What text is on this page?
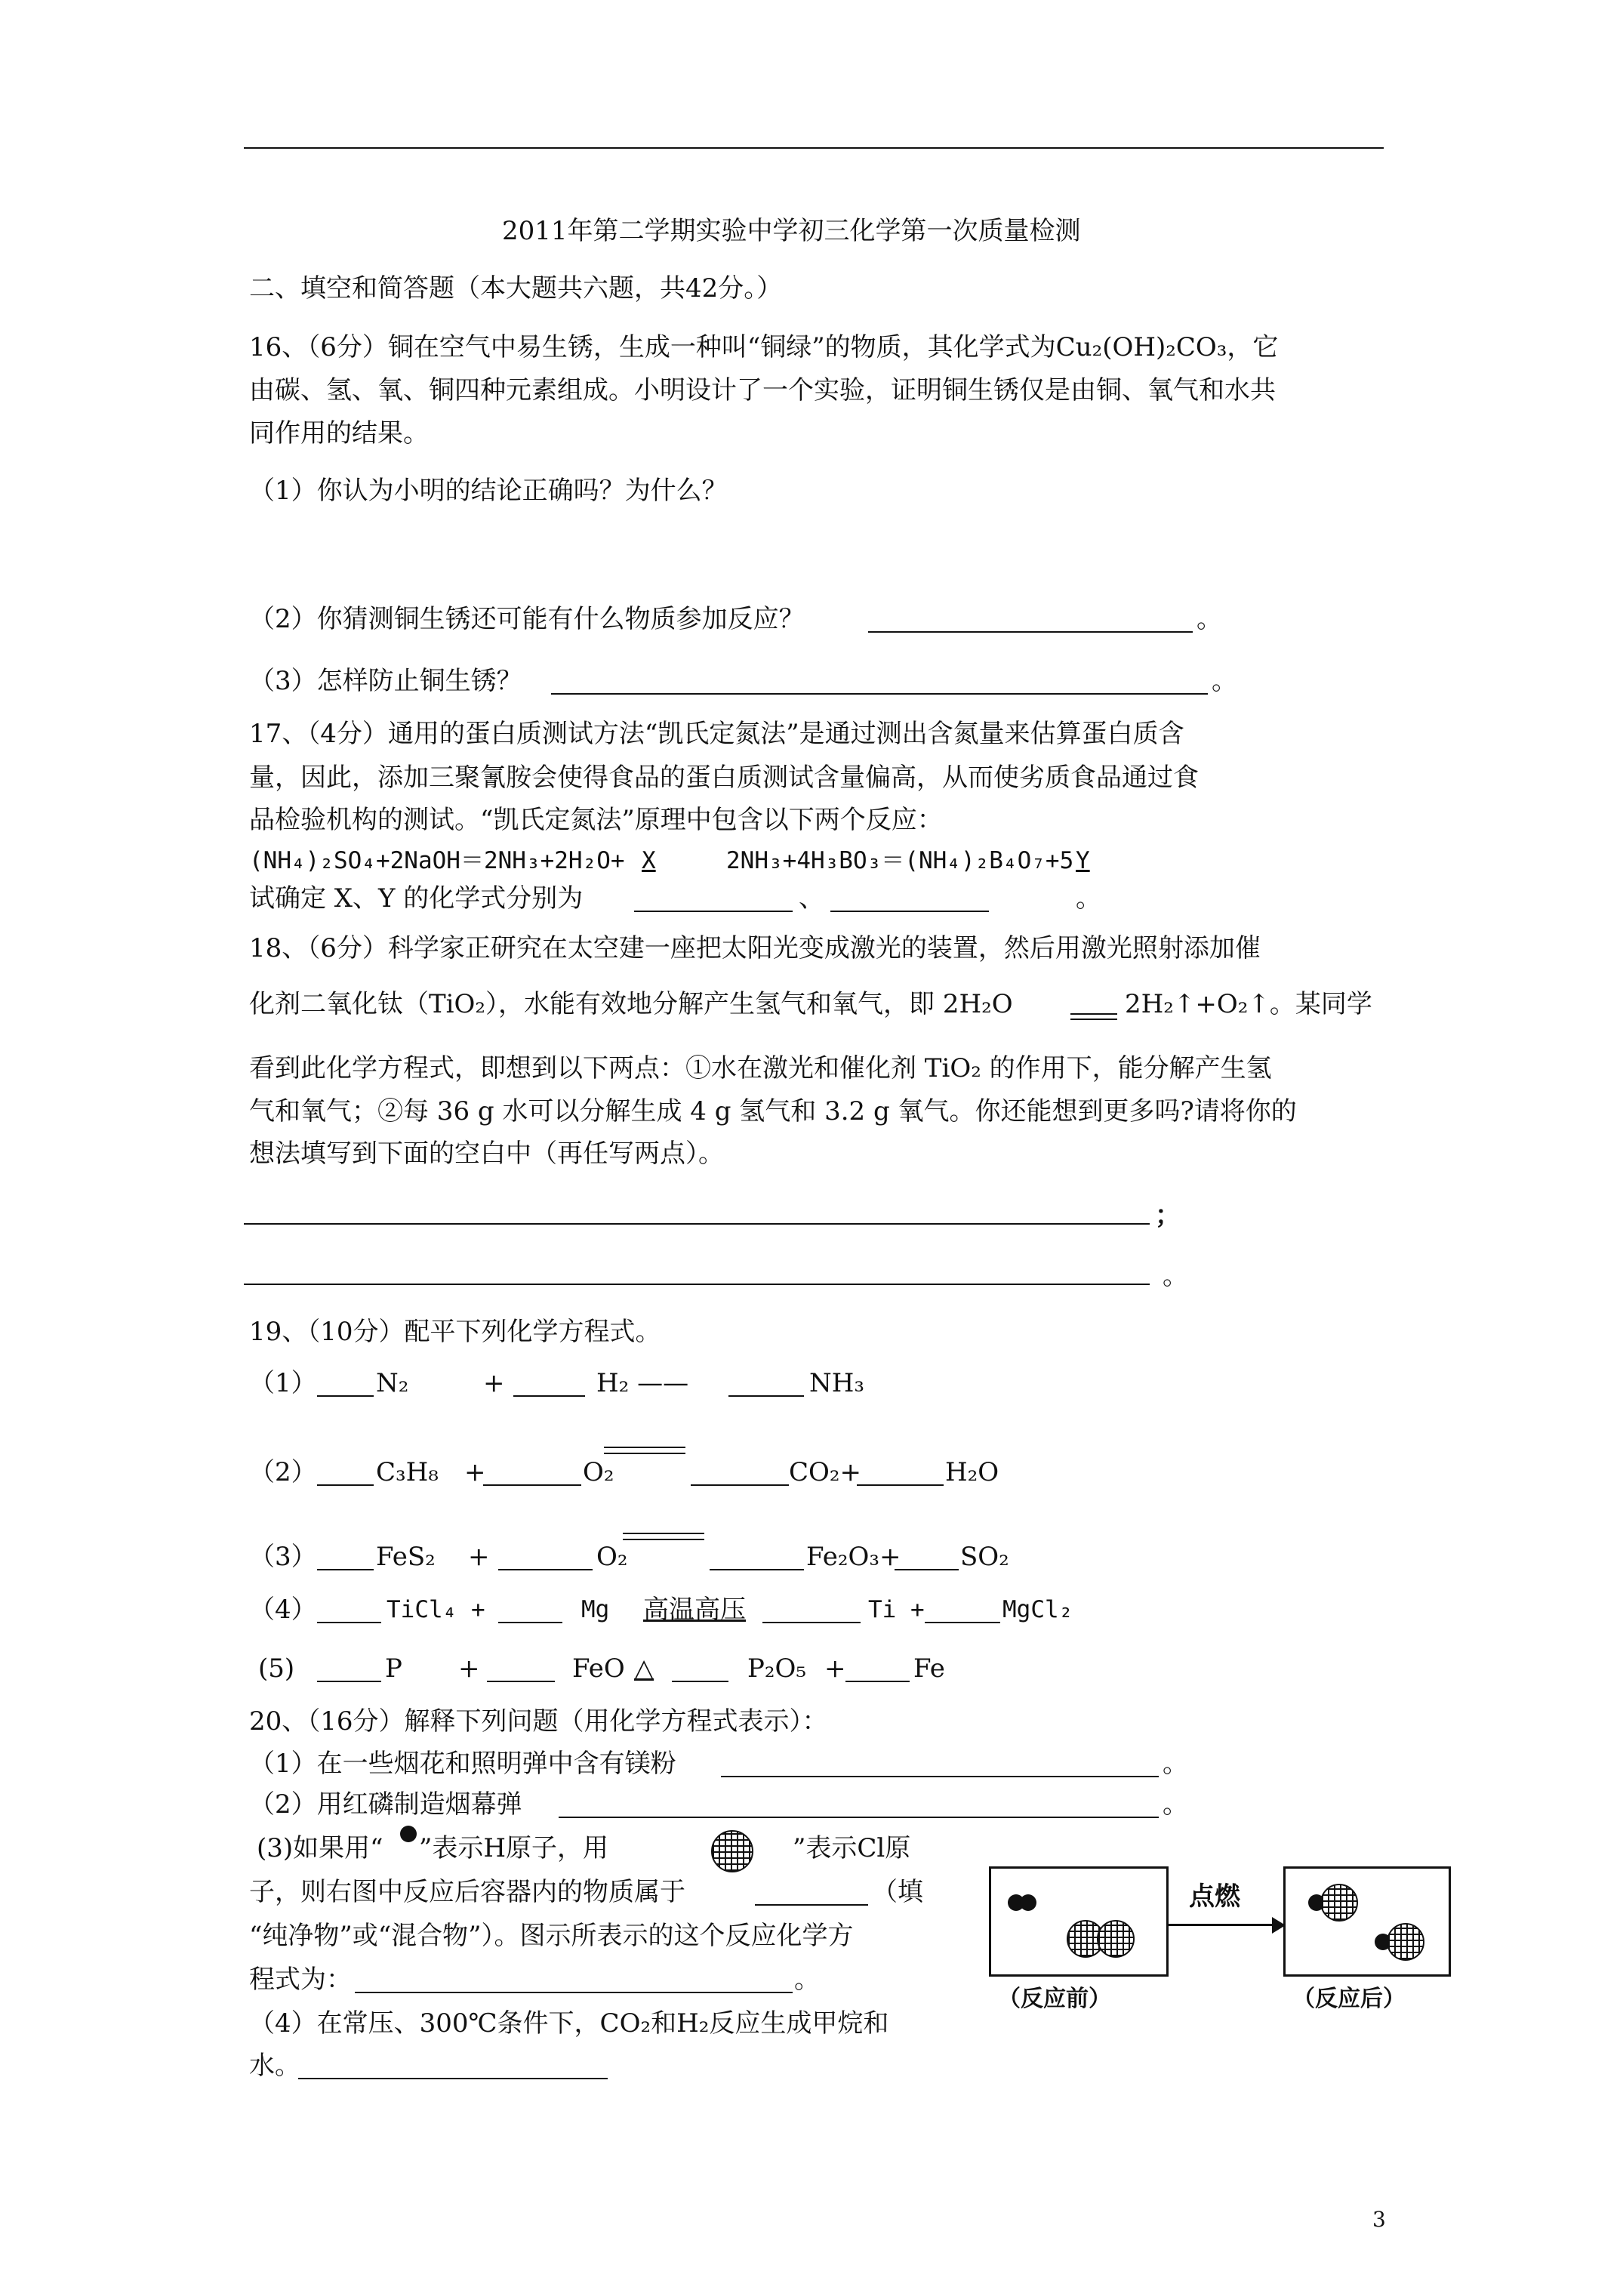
2011年第二学期实验中学初三化学第一次质量检测
二、填空和简答题（本大题共六题，共42分。）
16、（6分）铜在空气中易生锈，生成一种叫“铜绿”的物质，其化学式为Cu₂(OH)₂CO₃，它
由碳、氢、氧、铜四种元素组成。小明设计了一个实验，证明铜生锈仅是由铜、氧气和水共
同作用的结果。
（1）你认为小明的结论正确吗？为什么？
（2）你猜测铜生锈还可能有什么物质参加反应？	。
（3）怎样防止铜生锈？	。
17、（4分）通用的蛋白质测试方法“凯氏定氮法”是通过测出含氮量来估算蛋白质含
量，因此，添加三聚氰胺会使得食品的蛋白质测试含量偏高，从而使劣质食品通过食
品检验机构的测试。“凯氏定氮法”原理中包含以下两个反应：
(NH₄)₂SO₄+2NaOH＝2NH₃+2H₂O+ X	2NH₃+4H₃BO₃＝(NH₄)₂B₄O₇+5 Y
试确定 X、Y 的化学式分别为	、	。
18、（6分）科学家正研究在太空建一座把太阳光变成激光的装置，然后用激光照射添加催
化剂二氧化钛（TiO₂），水能有效地分解产生氢气和氧气，即 2H₂O	2H₂↑+O₂↑。某同学
看到此化学方程式，即想到以下两点：①水在激光和催化剂 TiO₂ 的作用下，能分解产生氢
气和氧气；②每 36 g 水可以分解生成 4 g 氢气和 3.2 g 氧气。你还能想到更多吗?请将你的
想法填写到下面的空白中（再任写两点）。
；
。
19、（10分）配平下列化学方程式。
（1） N₂	+	H₂ ——	NH₃
（2） C₃H₈ +	O₂	CO₂+	H₂O
（3） FeS₂ +	O₂	Fe₂O₃+ SO₂
（4）	TiCl₄ +	Mg 高温高压	Ti +	MgCl₂
(5)	P +	FeO △	P₂O₅ +	Fe
20、（16分）解释下列问题（用化学方程式表示）：
（1）在一些烟花和照明弹中含有镁粉	。
（2）用红磷制造烟幕弹	。
(3)如果用“ ”表示H原子，用	”表示Cl原
子，则右图中反应后容器内的物质属于	（填
“纯净物”或“混合物”）。图示所表示的这个反应化学方
程式为：	。
（4）在常压、300℃条件下，CO₂和H₂反应生成甲烷和
水。
点燃
（反应前）	（反应后）
3
